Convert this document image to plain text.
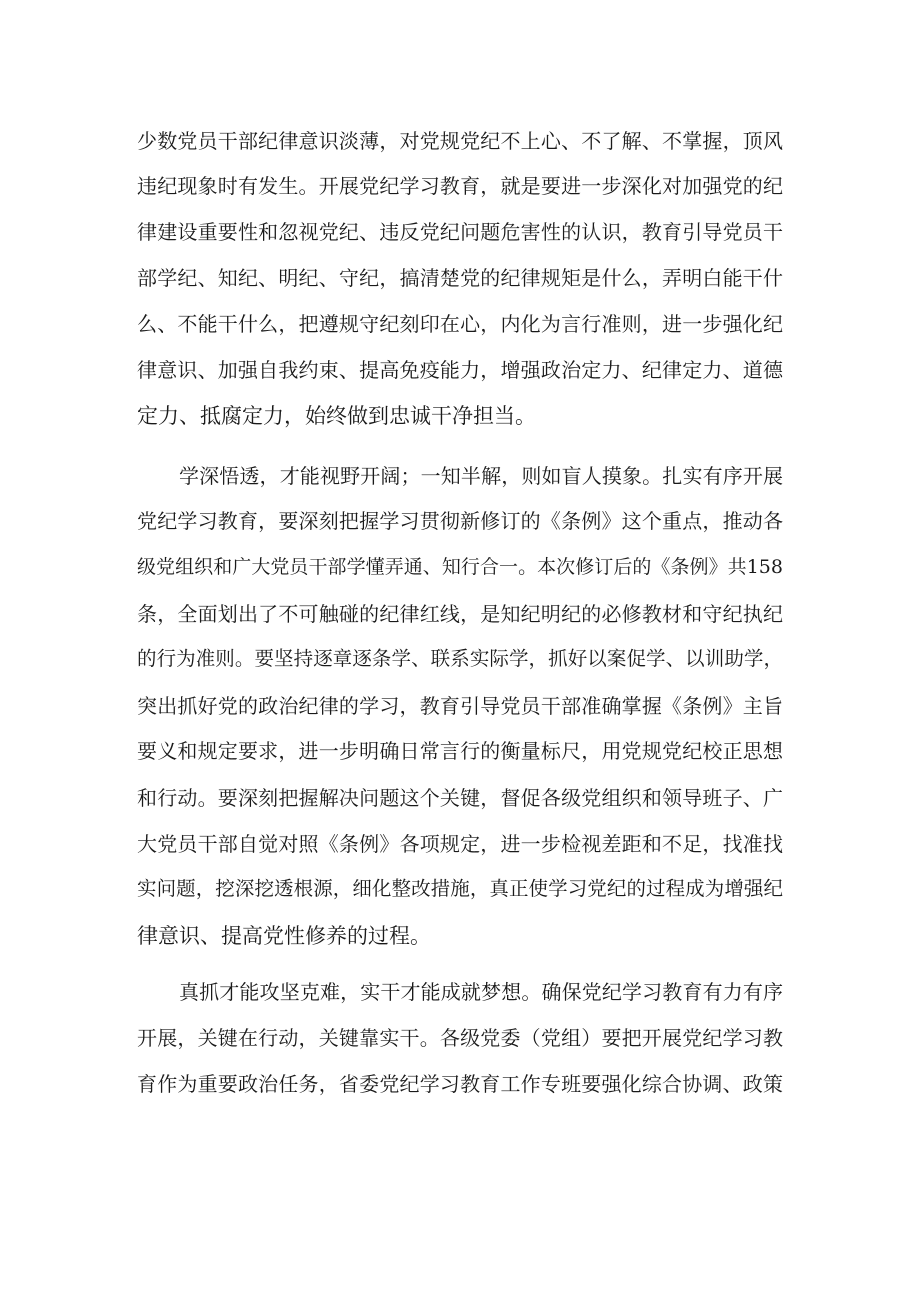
少数党员干部纪律意识淡薄，对党规党纪不上心、不了解、不掌握，顶风
违纪现象时有发生。开展党纪学习教育，就是要进一步深化对加强党的纪
律建设重要性和忽视党纪、违反党纪问题危害性的认识，教育引导党员干
部学纪、知纪、明纪、守纪，搞清楚党的纪律规矩是什么，弄明白能干什
么、不能干什么，把遵规守纪刻印在心，内化为言行准则，进一步强化纪
律意识、加强自我约束、提高免疫能力，增强政治定力、纪律定力、道德
定力、抵腐定力，始终做到忠诚干净担当。
学深悟透，才能视野开阔；一知半解，则如盲人摸象。扎实有序开展
党纪学习教育，要深刻把握学习贯彻新修订的《条例》这个重点，推动各
级党组织和广大党员干部学懂弄通、知行合一。本次修订后的《条例》共158
条，全面划出了不可触碰的纪律红线，是知纪明纪的必修教材和守纪执纪
的行为准则。要坚持逐章逐条学、联系实际学，抓好以案促学、以训助学，
突出抓好党的政治纪律的学习，教育引导党员干部准确掌握《条例》主旨
要义和规定要求，进一步明确日常言行的衡量标尺，用党规党纪校正思想
和行动。要深刻把握解决问题这个关键，督促各级党组织和领导班子、广
大党员干部自觉对照《条例》各项规定，进一步检视差距和不足，找准找
实问题，挖深挖透根源，细化整改措施，真正使学习党纪的过程成为增强纪
律意识、提高党性修养的过程。
真抓才能攻坚克难，实干才能成就梦想。确保党纪学习教育有力有序
开展，关键在行动，关键靠实干。各级党委（党组）要把开展党纪学习教
育作为重要政治任务，省委党纪学习教育工作专班要强化综合协调、政策
